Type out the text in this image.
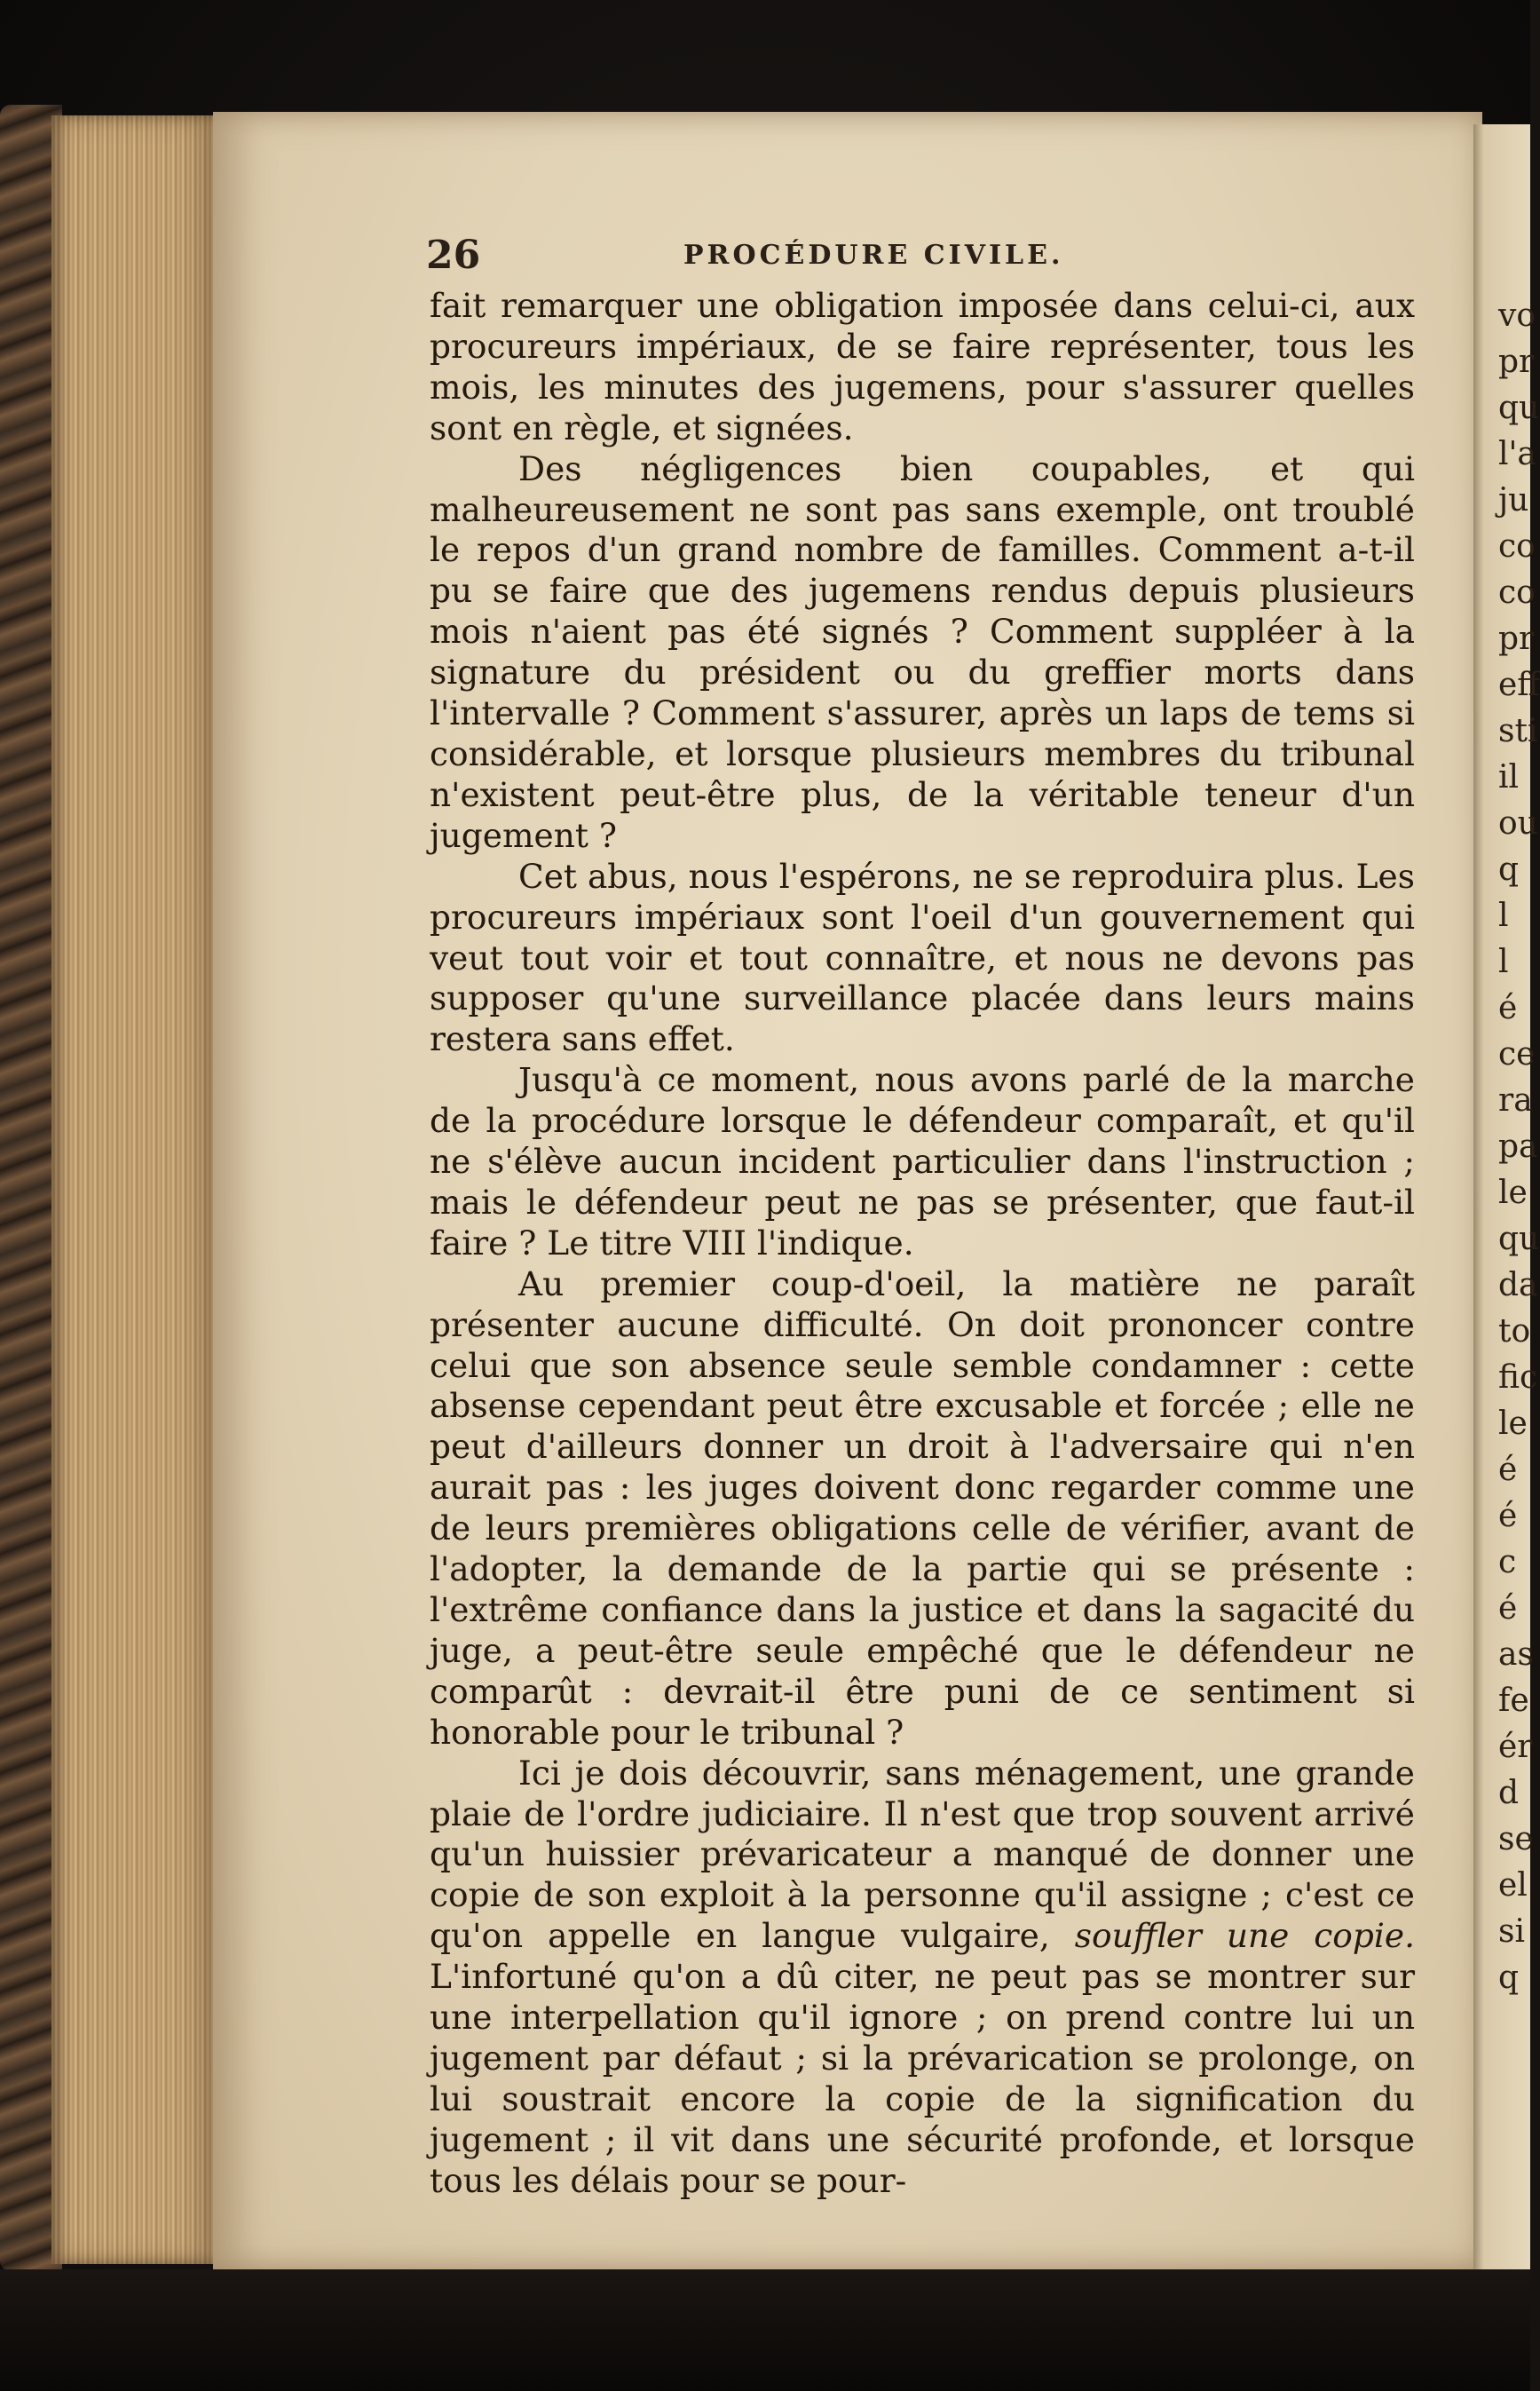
26	PROCÉDURE CIVILE.

fait remarquer une obligation imposée dans celui-ci, aux procureurs impériaux, de se faire représenter, tous les mois, les minutes des jugemens, pour s'assurer quelles sont en règle, et signées.

Des négligences bien coupables, et qui malheureusement ne sont pas sans exemple, ont troublé le repos d'un grand nombre de familles. Comment a-t-il pu se faire que des jugemens rendus depuis plusieurs mois n'aient pas été signés ? Comment suppléer à la signature du président ou du greffier morts dans l'intervalle ? Comment s'assurer, après un laps de tems si considérable, et lorsque plusieurs membres du tribunal n'existent peut-être plus, de la véritable teneur d'un jugement ?

Cet abus, nous l'espérons, ne se reproduira plus. Les procureurs impériaux sont l'oeil d'un gouvernement qui veut tout voir et tout connaître, et nous ne devons pas supposer qu'une surveillance placée dans leurs mains restera sans effet.

Jusqu'à ce moment, nous avons parlé de la marche de la procédure lorsque le défendeur comparaît, et qu'il ne s'élève aucun incident particulier dans l'instruction ; mais le défendeur peut ne pas se présenter, que faut-il faire ? Le titre VIII l'indique.

Au premier coup-d'oeil, la matière ne paraît présenter aucune difficulté. On doit prononcer contre celui que son absence seule semble condamner : cette absense cependant peut être excusable et forcée ; elle ne peut d'ailleurs donner un droit à l'adversaire qui n'en aurait pas : les juges doivent donc regarder comme une de leurs premières obligations celle de vérifier, avant de l'adopter, la demande de la partie qui se présente : l'extrême confiance dans la justice et dans la sagacité du juge, a peut-être seule empêché que le défendeur ne comparût : devrait-il être puni de ce sentiment si honorable pour le tribunal ?

Ici je dois découvrir, sans ménagement, une grande plaie de l'ordre judiciaire. Il n'est que trop souvent arrivé qu'un huissier prévaricateur a manqué de donner une copie de son exploit à la personne qu'il assigne ; c'est ce qu'on appelle en langue vulgaire, souffler une copie. L'infortuné qu'on a dû citer, ne peut pas se montrer sur une interpellation qu'il ignore ; on prend contre lui un jugement par défaut ; si la prévarication se prolonge, on lui soustrait encore la copie de la signification du jugement ; il vit dans une sécurité profonde, et lorsque tous les délais pour se pour-

vo
pr
qu
l'a
ju
co
co
pr
eff
sti
il
ou
q
l
l
é
ce
ra
pa
le
qu
da
to
fic
le
é
é
c
é
as
fe
ér
d
se
el
si
q
